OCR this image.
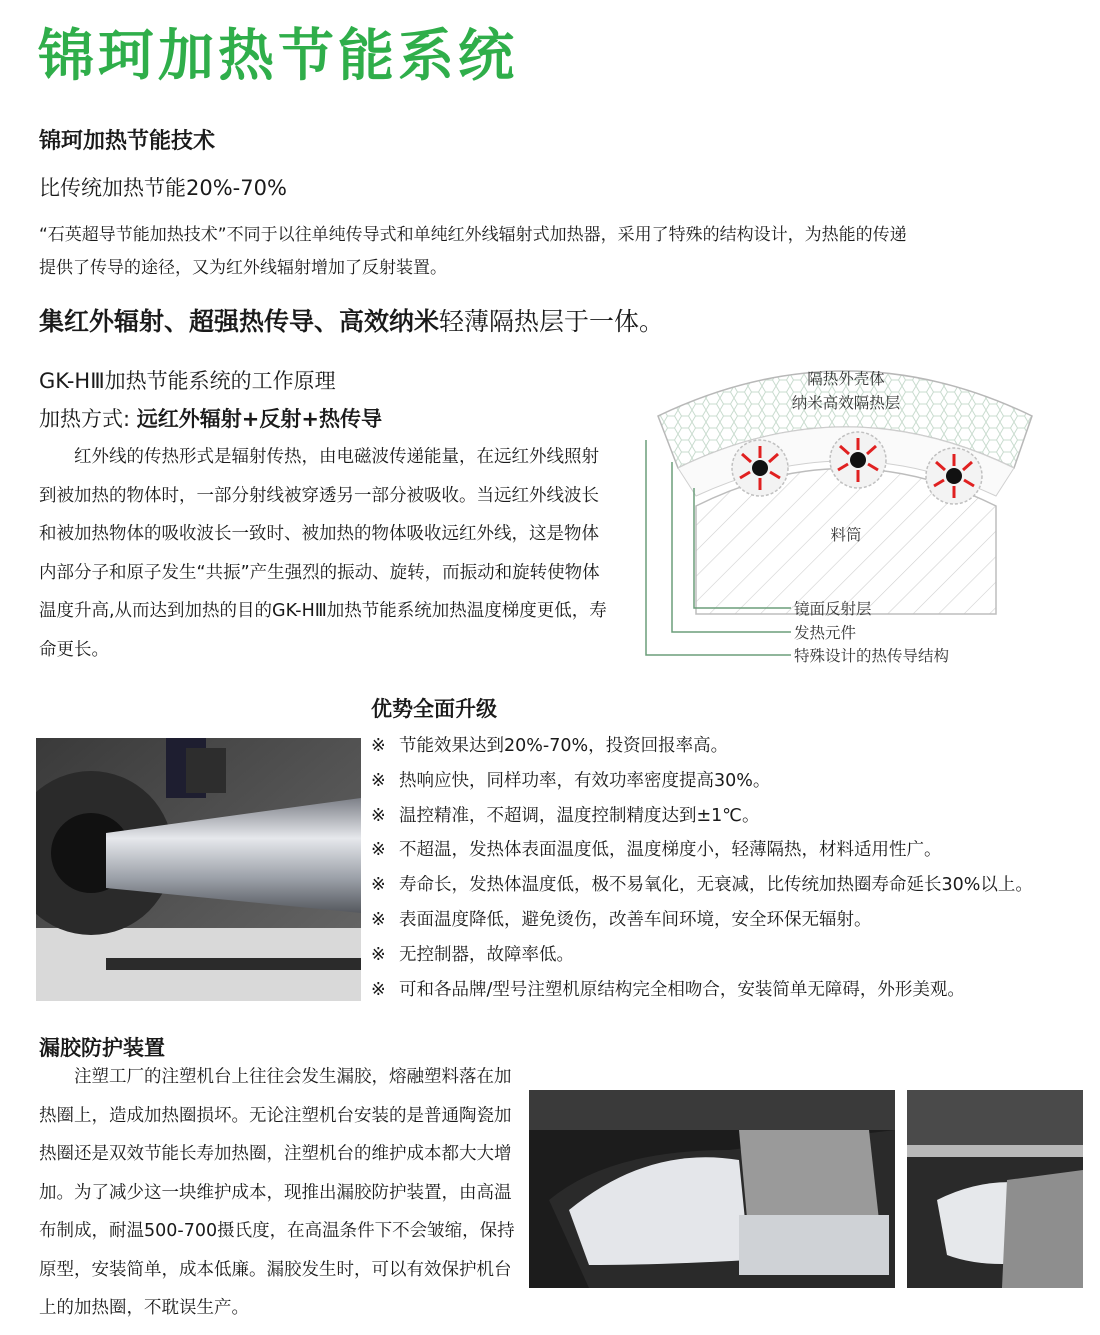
锦珂加热节能系统
锦珂加热节能技术
比传统加热节能20%-70%
“石英超导节能加热技术”不同于以往单纯传导式和单纯红外线辐射式加热器，采用了特殊的结构设计，为热能的传递
提供了传导的途径，又为红外线辐射增加了反射装置。
集红外辐射、超强热传导、高效纳米轻薄隔热层于一体。
GK-HⅢ加热节能系统的工作原理
加热方式: 远红外辐射+反射+热传导
红外线的传热形式是辐射传热，由电磁波传递能量，在远红外线照射到被加热的物体时，一部分射线被穿透另一部分被吸收。当远红外线波长和被加热物体的吸收波长一致时、被加热的物体吸收远红外线，这是物体内部分子和原子发生“共振”产生强烈的振动、旋转，而振动和旋转使物体温度升高,从而达到加热的目的GK-HⅢ加热节能系统加热温度梯度更低，寿命更长。
隔热外壳体
纳米高效隔热层
料筒
镜面反射层
发热元件
特殊设计的热传导结构
优势全面升级
※ 节能效果达到20%-70%，投资回报率高。
※ 热响应快，同样功率，有效功率密度提高30%。
※ 温控精准，不超调，温度控制精度达到±1℃。
※ 不超温，发热体表面温度低，温度梯度小，轻薄隔热，材料适用性广。
※ 寿命长，发热体温度低，极不易氧化，无衰减，比传统加热圈寿命延长30%以上。
※ 表面温度降低，避免烫伤，改善车间环境，安全环保无辐射。
※ 无控制器，故障率低。
※ 可和各品牌/型号注塑机原结构完全相吻合，安装简单无障碍，外形美观。
漏胶防护装置
注塑工厂的注塑机台上往往会发生漏胶，熔融塑料落在加热圈上，造成加热圈损坏。无论注塑机台安装的是普通陶瓷加热圈还是双效节能长寿加热圈，注塑机台的维护成本都大大增加。为了减少这一块维护成本，现推出漏胶防护装置，由高温布制成，耐温500-700摄氏度，在高温条件下不会皱缩，保持原型，安装简单，成本低廉。漏胶发生时，可以有效保护机台上的加热圈，不耽误生产。
